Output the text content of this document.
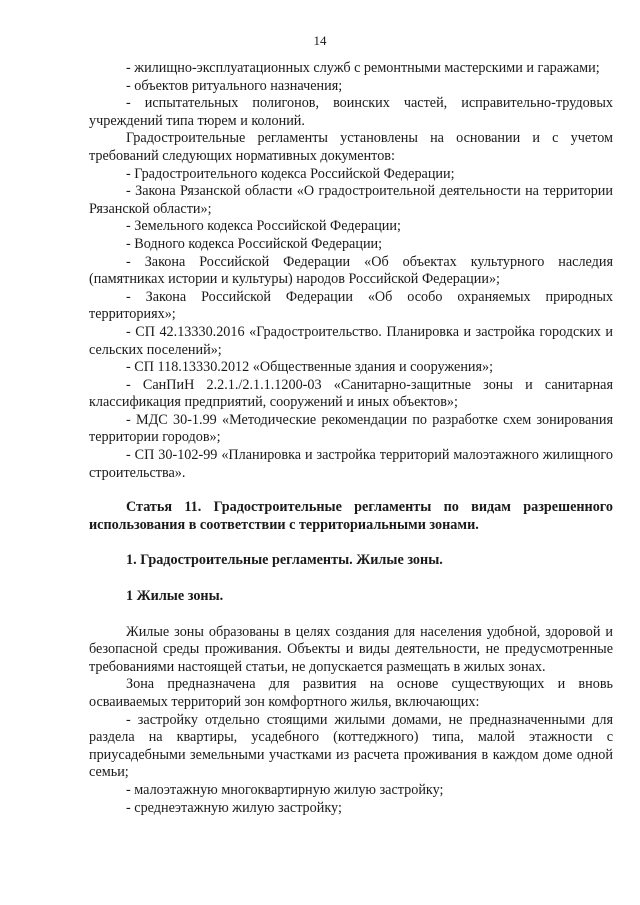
14

- жилищно-эксплуатационных служб с ремонтными мастерскими и гаражами;

- объектов ритуального назначения;

- испытательных полигонов, воинских частей, исправительно-трудовых учреждений типа тюрем и колоний.

Градостроительные регламенты установлены на основании и с учетом требований следующих нормативных документов:

- Градостроительного кодекса Российской Федерации;

- Закона Рязанской области «О градостроительной деятельности на территории Рязанской области»;

- Земельного кодекса Российской Федерации;

- Водного кодекса Российской Федерации;

- Закона Российской Федерации «Об объектах культурного наследия (памятниках истории и культуры) народов Российской Федерации»;

- Закона Российской Федерации «Об особо охраняемых природных территориях»;

- СП 42.13330.2016 «Градостроительство. Планировка и застройка городских и сельских поселений»;

- СП 118.13330.2012 «Общественные здания и сооружения»;

- СанПиН 2.2.1./2.1.1.1200-03 «Санитарно-защитные зоны и санитарная классификация предприятий, сооружений и иных объектов»;

- МДС 30-1.99 «Методические рекомендации по разработке схем зонирования территории городов»;

- СП 30-102-99 «Планировка и застройка территорий малоэтажного жилищного строительства».

Статья 11. Градостроительные регламенты по видам разрешенного использования в соответствии с территориальными зонами.

1. Градостроительные регламенты. Жилые зоны.

1 Жилые зоны.

Жилые зоны образованы в целях создания для населения удобной, здоровой и безопасной среды проживания. Объекты и виды деятельности, не предусмотренные требованиями настоящей статьи, не допускается размещать в жилых зонах.

Зона предназначена для развития на основе существующих и вновь осваиваемых территорий зон комфортного жилья, включающих:

- застройку отдельно стоящими жилыми домами, не предназначенными для раздела на квартиры, усадебного (коттеджного) типа, малой этажности с приусадебными земельными участками из расчета проживания в каждом доме одной семьи;

- малоэтажную многоквартирную жилую застройку;

- среднеэтажную жилую застройку;
